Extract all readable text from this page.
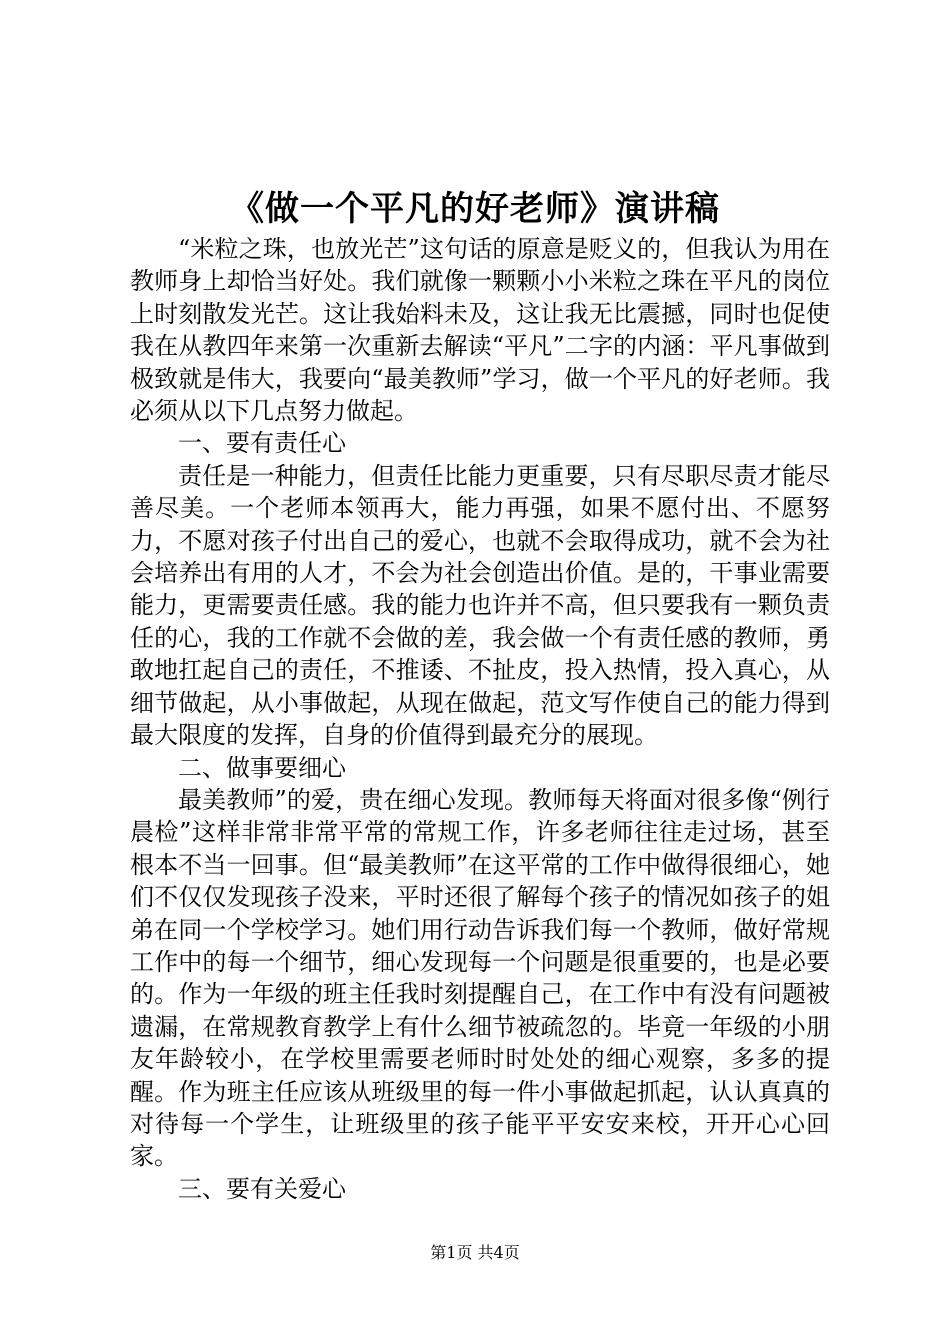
《做一个平凡的好老师》演讲稿

“米粒之珠，也放光芒”这句话的原意是贬义的，但我认为用在教师身上却恰当好处。我们就像一颗颗小小米粒之珠在平凡的岗位上时刻散发光芒。这让我始料未及，这让我无比震撼，同时也促使我在从教四年来第一次重新去解读“平凡”二字的内涵：平凡事做到极致就是伟大，我要向“最美教师”学习，做一个平凡的好老师。我必须从以下几点努力做起。

一、要有责任心

责任是一种能力，但责任比能力更重要，只有尽职尽责才能尽善尽美。一个老师本领再大，能力再强，如果不愿付出、不愿努力，不愿对孩子付出自己的爱心，也就不会取得成功，就不会为社会培养出有用的人才，不会为社会创造出价值。是的，干事业需要能力，更需要责任感。我的能力也许并不高，但只要我有一颗负责任的心，我的工作就不会做的差，我会做一个有责任感的教师，勇敢地扛起自己的责任，不推诿、不扯皮，投入热情，投入真心，从细节做起，从小事做起，从现在做起，范文写作使自己的能力得到最大限度的发挥，自身的价值得到最充分的展现。

二、做事要细心

最美教师”的爱，贵在细心发现。教师每天将面对很多像“例行晨检”这样非常非常平常的常规工作，许多老师往往走过场，甚至根本不当一回事。但“最美教师”在这平常的工作中做得很细心，她们不仅仅发现孩子没来，平时还很了解每个孩子的情况如孩子的姐弟在同一个学校学习。她们用行动告诉我们每一个教师，做好常规工作中的每一个细节，细心发现每一个问题是很重要的，也是必要的。作为一年级的班主任我时刻提醒自己，在工作中有没有问题被遗漏，在常规教育教学上有什么细节被疏忽的。毕竟一年级的小朋友年龄较小，在学校里需要老师时时处处的细心观察，多多的提醒。作为班主任应该从班级里的每一件小事做起抓起，认认真真的对待每一个学生，让班级里的孩子能平平安安来校，开开心心回家。

三、要有关爱心

第1页 共4页
